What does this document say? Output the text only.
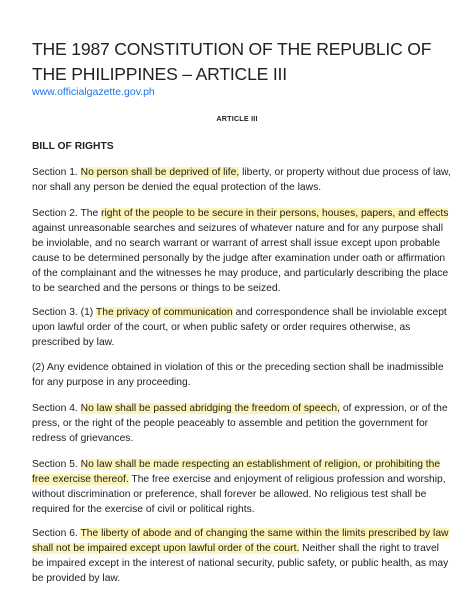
THE 1987 CONSTITUTION OF THE REPUBLIC OF THE PHILIPPINES – ARTICLE III
www.officialgazette.gov.ph
ARTICLE III
BILL OF RIGHTS

Section 1. No person shall be deprived of life, liberty, or property without due process of law, nor shall any person be denied the equal protection of the laws.

Section 2. The right of the people to be secure in their persons, houses, papers, and effects against unreasonable searches and seizures of whatever nature and for any purpose shall be inviolable, and no search warrant or warrant of arrest shall issue except upon probable cause to be determined personally by the judge after examination under oath or affirmation of the complainant and the witnesses he may produce, and particularly describing the place to be searched and the persons or things to be seized.

Section 3. (1) The privacy of communication and correspondence shall be inviolable except upon lawful order of the court, or when public safety or order requires otherwise, as prescribed by law.

(2) Any evidence obtained in violation of this or the preceding section shall be inadmissible for any purpose in any proceeding.

Section 4. No law shall be passed abridging the freedom of speech, of expression, or of the press, or the right of the people peaceably to assemble and petition the government for redress of grievances.

Section 5. No law shall be made respecting an establishment of religion, or prohibiting the free exercise thereof. The free exercise and enjoyment of religious profession and worship, without discrimination or preference, shall forever be allowed. No religious test shall be required for the exercise of civil or political rights.

Section 6. The liberty of abode and of changing the same within the limits prescribed by law shall not be impaired except upon lawful order of the court. Neither shall the right to travel be impaired except in the interest of national security, public safety, or public health, as may be provided by law.
